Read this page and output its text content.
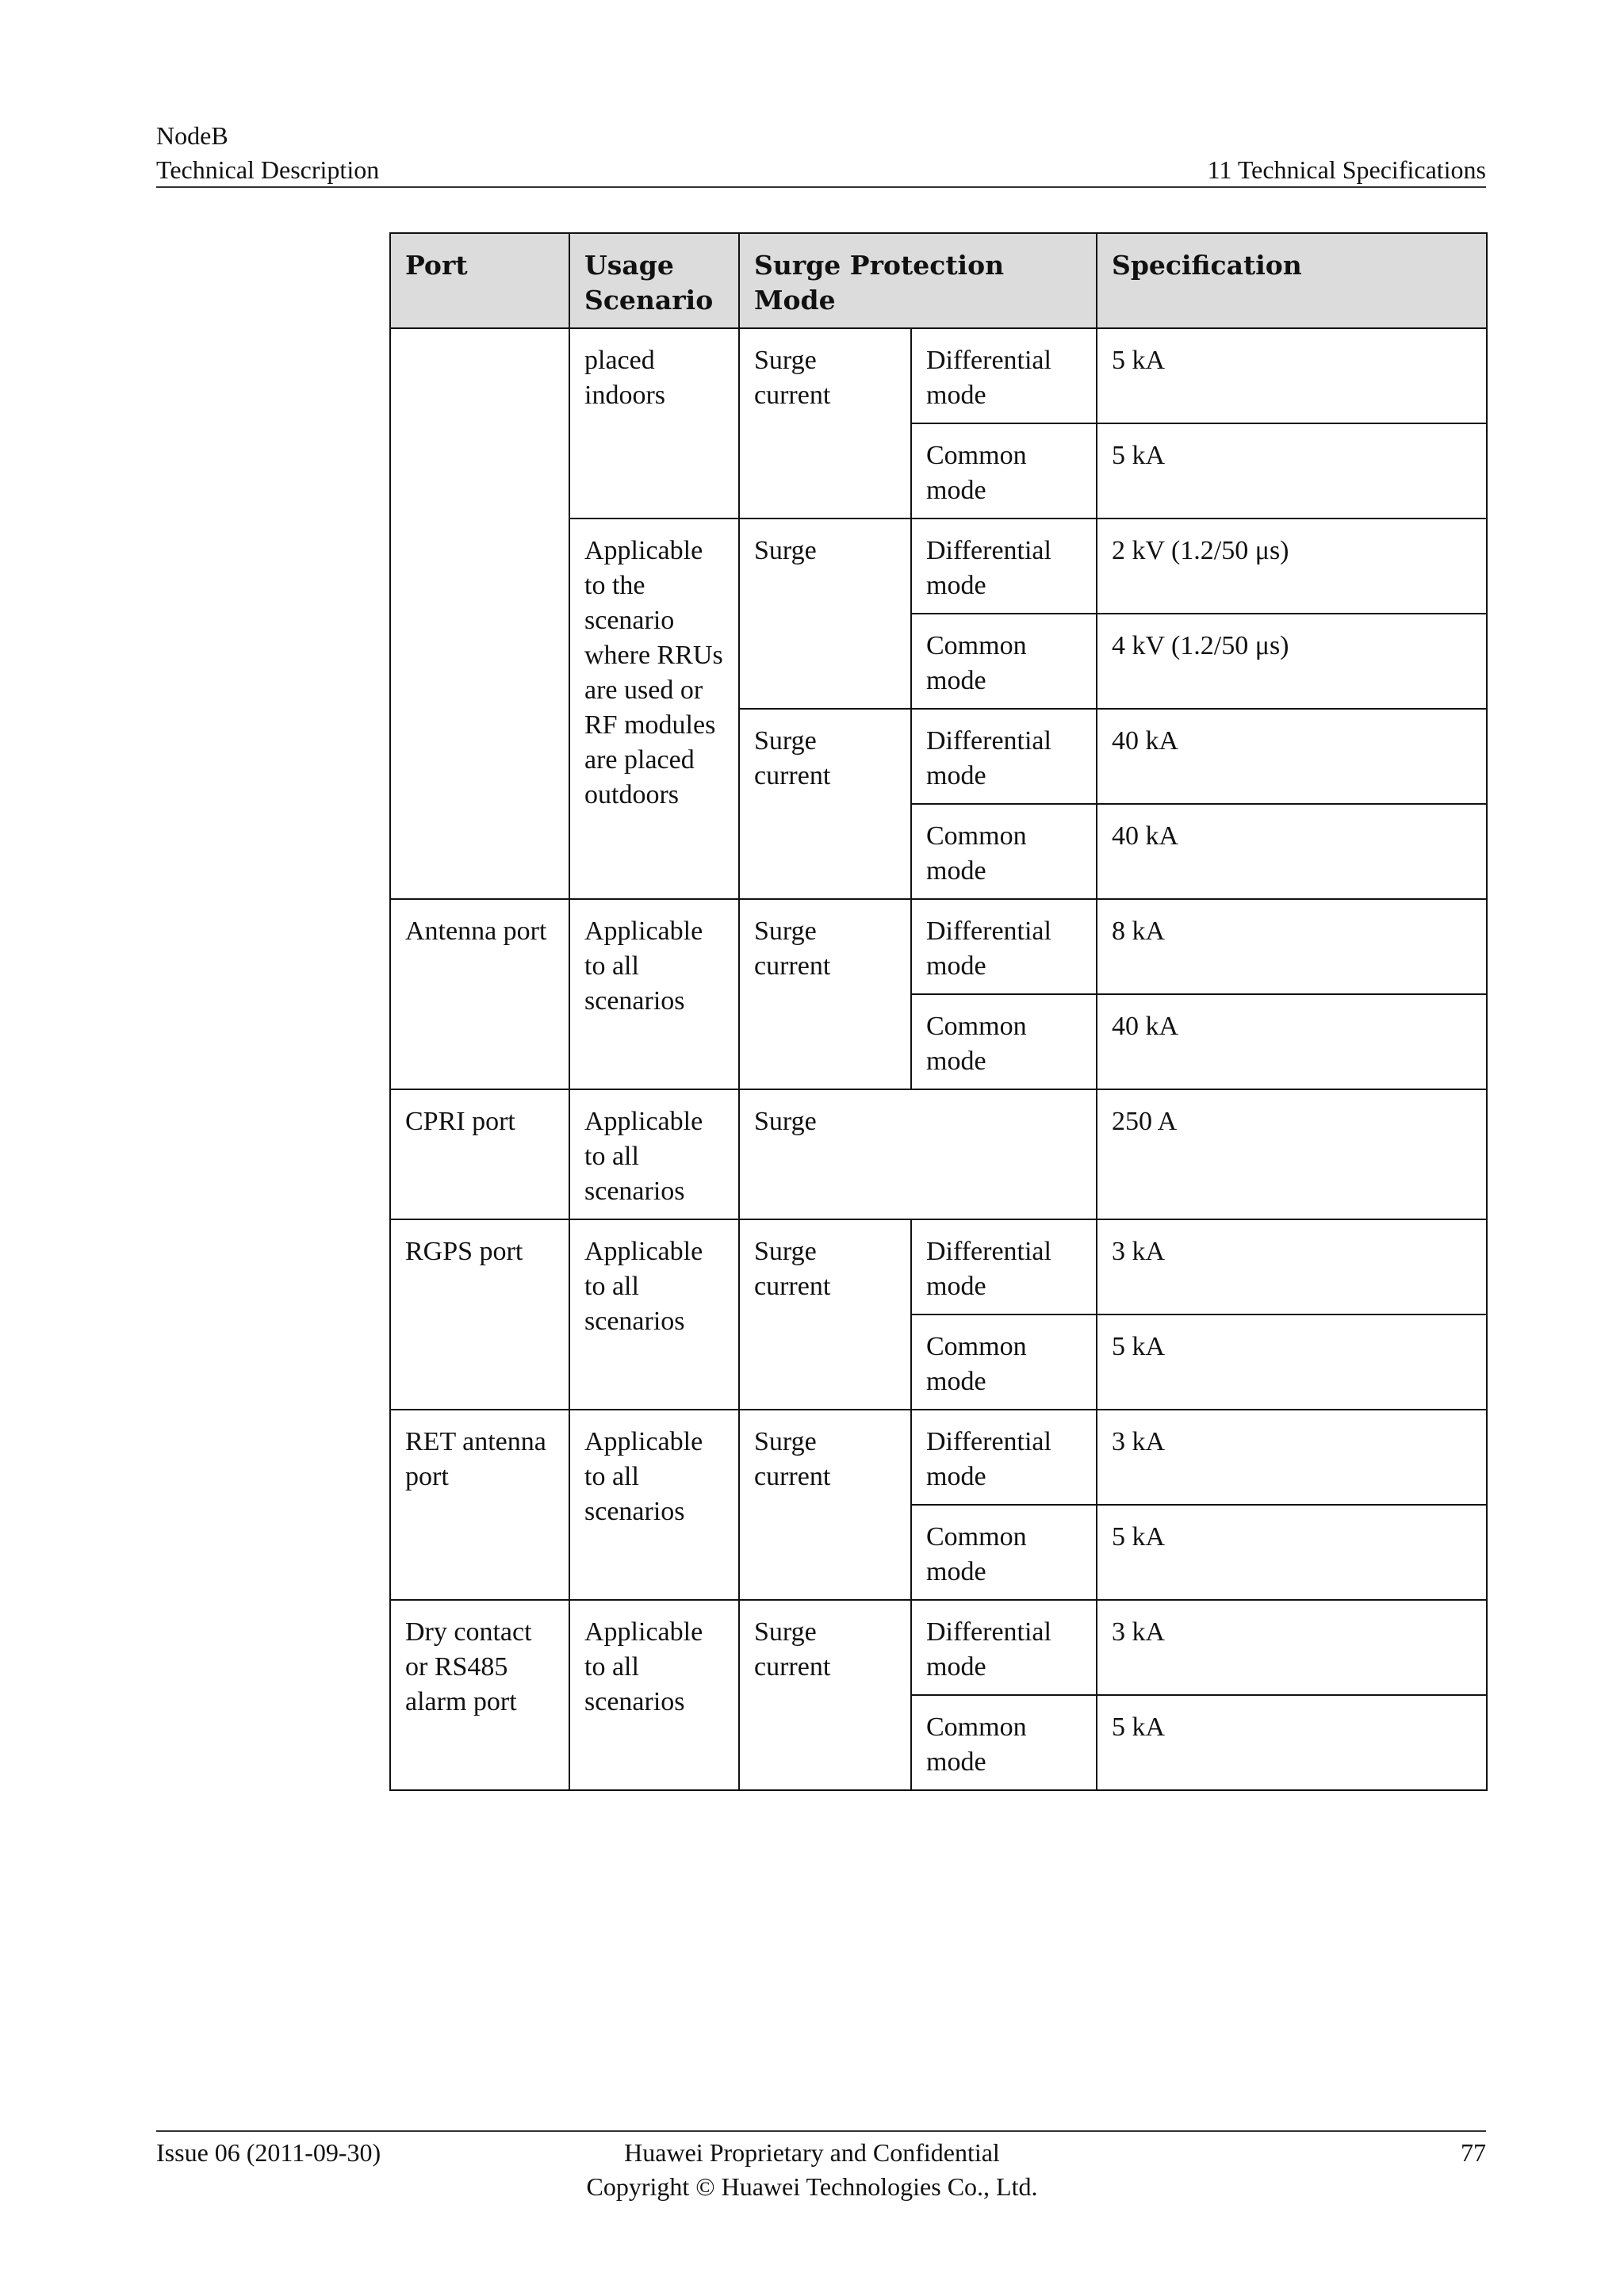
NodeB
Technical Description	11 Technical Specifications
Port	Usage Scenario	Surge Protection Mode		Specification
	placed indoors	Surge current	Differential mode	5 kA
			Common mode	5 kA
	Applicable to the scenario where RRUs are used or RF modules are placed outdoors	Surge	Differential mode	2 kV (1.2/50 μs)
			Common mode	4 kV (1.2/50 μs)
		Surge current	Differential mode	40 kA
			Common mode	40 kA
Antenna port	Applicable to all scenarios	Surge current	Differential mode	8 kA
			Common mode	40 kA
CPRI port	Applicable to all scenarios	Surge		250 A
RGPS port	Applicable to all scenarios	Surge current	Differential mode	3 kA
			Common mode	5 kA
RET antenna port	Applicable to all scenarios	Surge current	Differential mode	3 kA
			Common mode	5 kA
Dry contact or RS485 alarm port	Applicable to all scenarios	Surge current	Differential mode	3 kA
			Common mode	5 kA
Issue 06 (2011-09-30)	Huawei Proprietary and Confidential
Copyright © Huawei Technologies Co., Ltd.
77
